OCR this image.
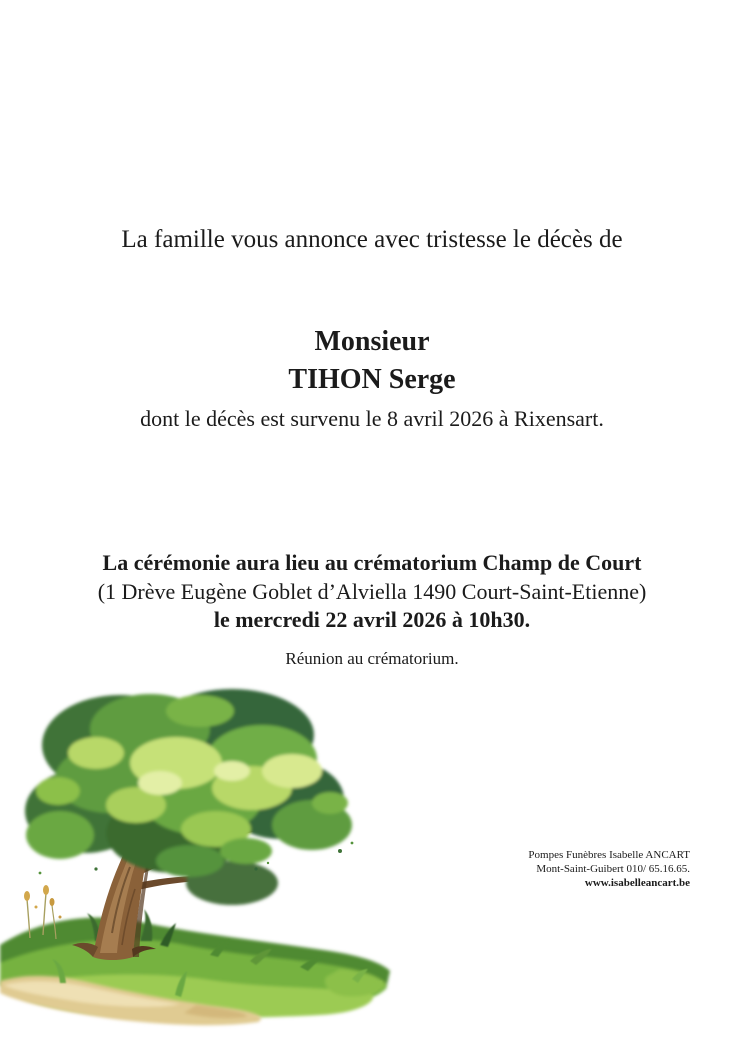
La famille vous annonce avec tristesse le décès de
Monsieur
TIHON Serge
dont le décès est survenu le 8 avril 2026 à Rixensart.
La cérémonie aura lieu au crématorium Champ de Court
(1 Drève Eugène Goblet d’Alviella 1490 Court-Saint-Etienne)
le mercredi 22 avril 2026 à 10h30.
Réunion au crématorium.
Pompes Funèbres Isabelle ANCART
Mont-Saint-Guibert 010/ 65.16.65.
www.isabelleancart.be
